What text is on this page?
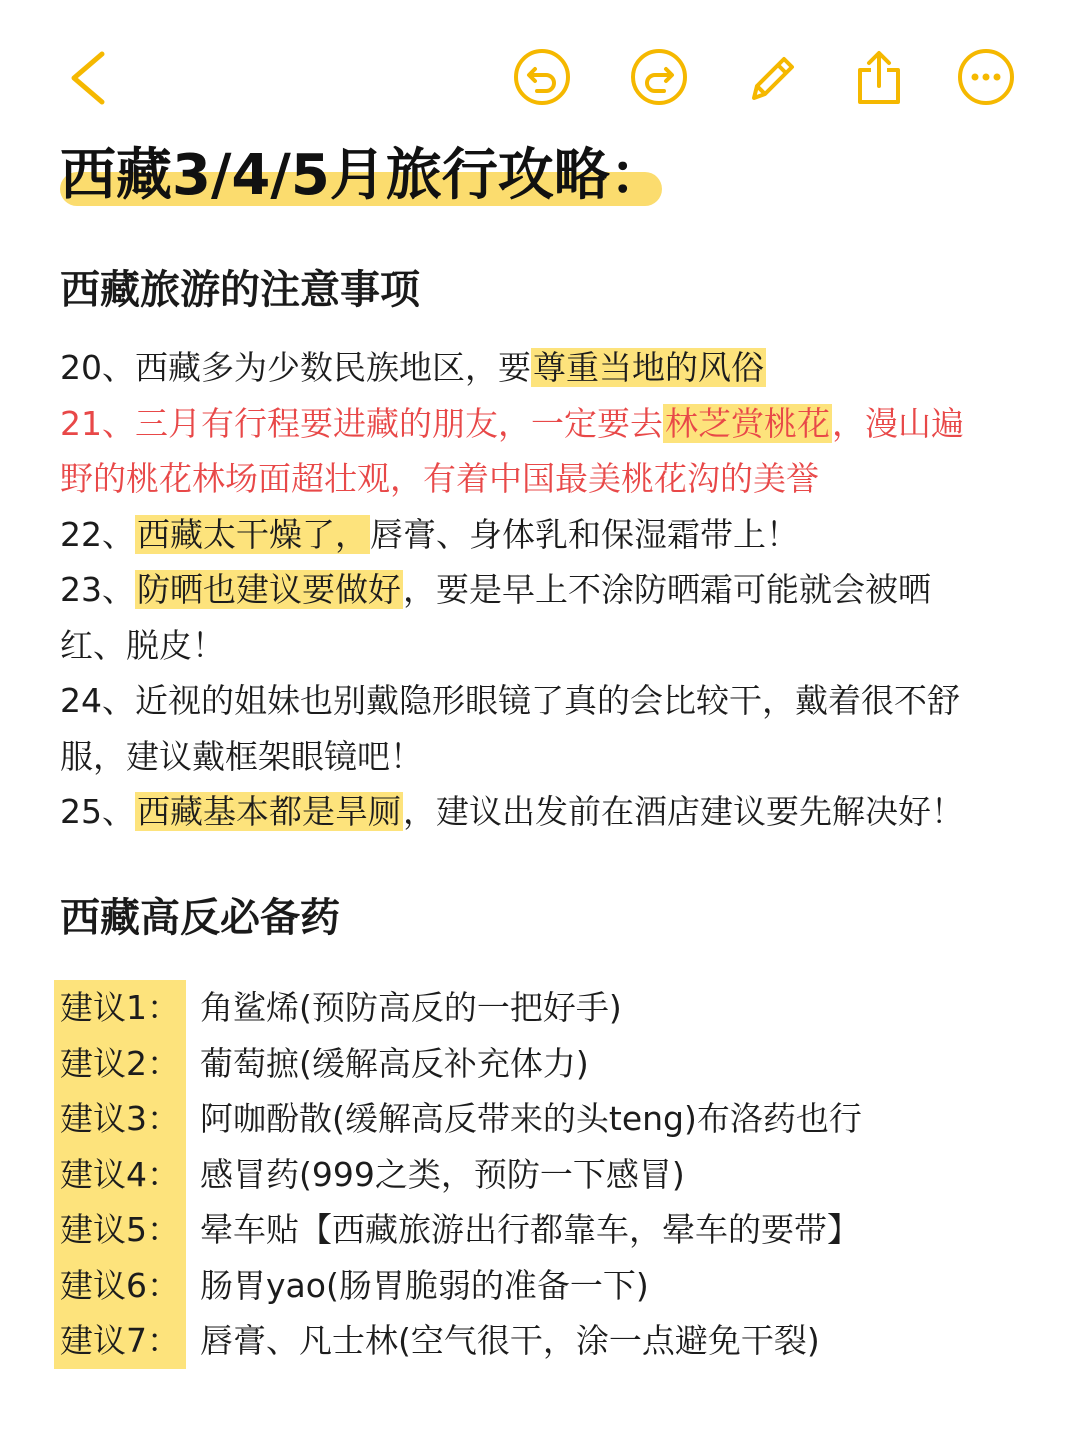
西藏3/4/5月旅行攻略：
西藏旅游的注意事项
20、西藏多为少数民族地区，要尊重当地的风俗
21、三月有行程要进藏的朋友，一定要去林芝赏桃花，漫山遍
野的桃花林场面超壮观，有着中国最美桃花沟的美誉
22、西藏太干燥了，唇膏、身体乳和保湿霜带上！
23、防晒也建议要做好，要是早上不涂防晒霜可能就会被晒
红、脱皮！
24、近视的姐妹也别戴隐形眼镜了真的会比较干，戴着很不舒
服，建议戴框架眼镜吧！
25、西藏基本都是旱厕，建议出发前在酒店建议要先解决好！
西藏高反必备药
建议1： 角鲨烯(预防高反的一把好手)
建议2： 葡萄摭(缓解高反补充体力)
建议3： 阿咖酚散(缓解高反带来的头teng)布洛药也行
建议4： 感冒药(999之类，预防一下感冒)
建议5： 晕车贴【西藏旅游出行都靠车，晕车的要带】
建议6： 肠胃yao(肠胃脆弱的准备一下)
建议7： 唇膏、凡士林(空气很干，涂一点避免干裂)
